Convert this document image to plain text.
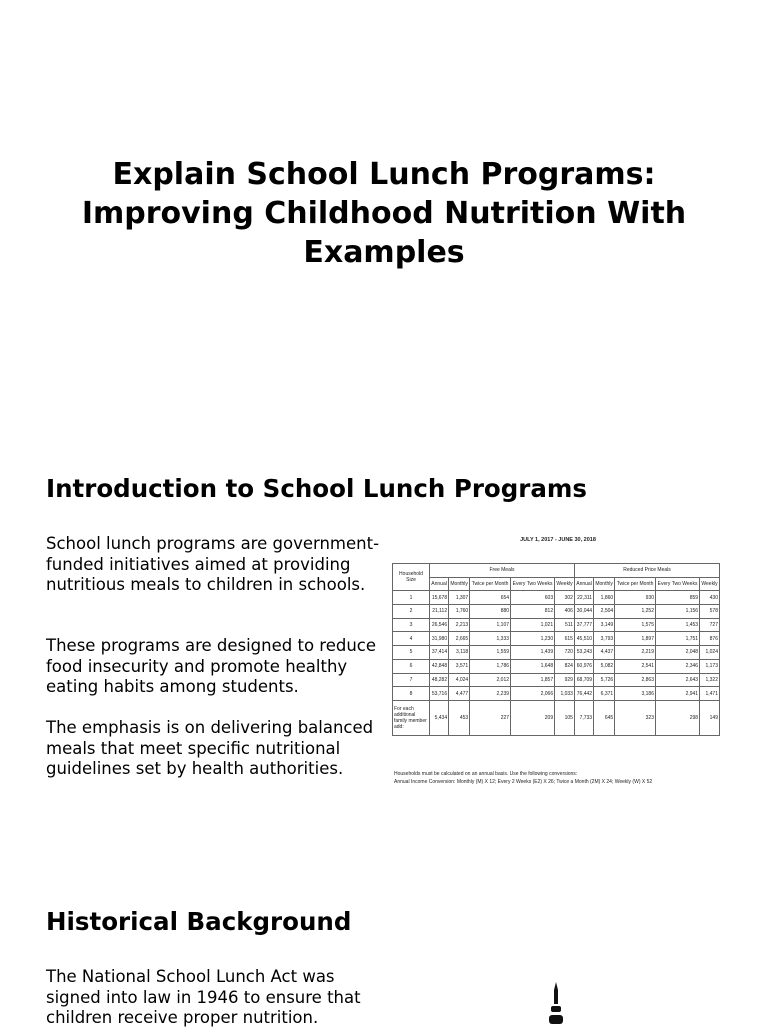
Explain School Lunch Programs: Improving Childhood Nutrition With Examples
Introduction to School Lunch Programs

School lunch programs are government-funded initiatives aimed at providing nutritious meals to children in schools.

These programs are designed to reduce food insecurity and promote healthy eating habits among students.

The emphasis is on delivering balanced meals that meet specific nutritional guidelines set by health authorities.

JULY 1, 2017 - JUNE 30, 2018
Household Size	Free Meals					Reduced Price Meals				
	Annual	Monthly	Twice per Month	Every Two Weeks	Weekly	Annual	Monthly	Twice per Month	Every Two Weeks	Weekly
1	15,678	1,307	654	603	302	22,311	1,860	930	859	430
2	21,112	1,760	880	812	406	30,044	2,504	1,252	1,156	578
3	26,546	2,213	1,107	1,021	511	37,777	3,149	1,575	1,453	727
4	31,980	2,665	1,333	1,230	615	45,510	3,793	1,897	1,751	876
5	37,414	3,118	1,559	1,439	720	53,243	4,437	2,219	2,048	1,024
6	42,848	3,571	1,786	1,648	824	60,976	5,082	2,541	2,346	1,173
7	48,282	4,024	2,012	1,857	929	68,709	5,726	2,863	2,643	1,322
8	53,716	4,477	2,239	2,066	1,033	76,442	6,371	3,186	2,941	1,471
For each additional family member add:	5,434	453	227	209	105	7,733	645	323	298	149
Households must be calculated on an annual basis. Use the following conversions:
Annual Income Conversion: Monthly (M) X 12; Every 2 Weeks (E2) X 26; Twice a Month (2M) X 24; Weekly (W) X 52
Historical Background

The National School Lunch Act was signed into law in 1946 to ensure that children receive proper nutrition.
